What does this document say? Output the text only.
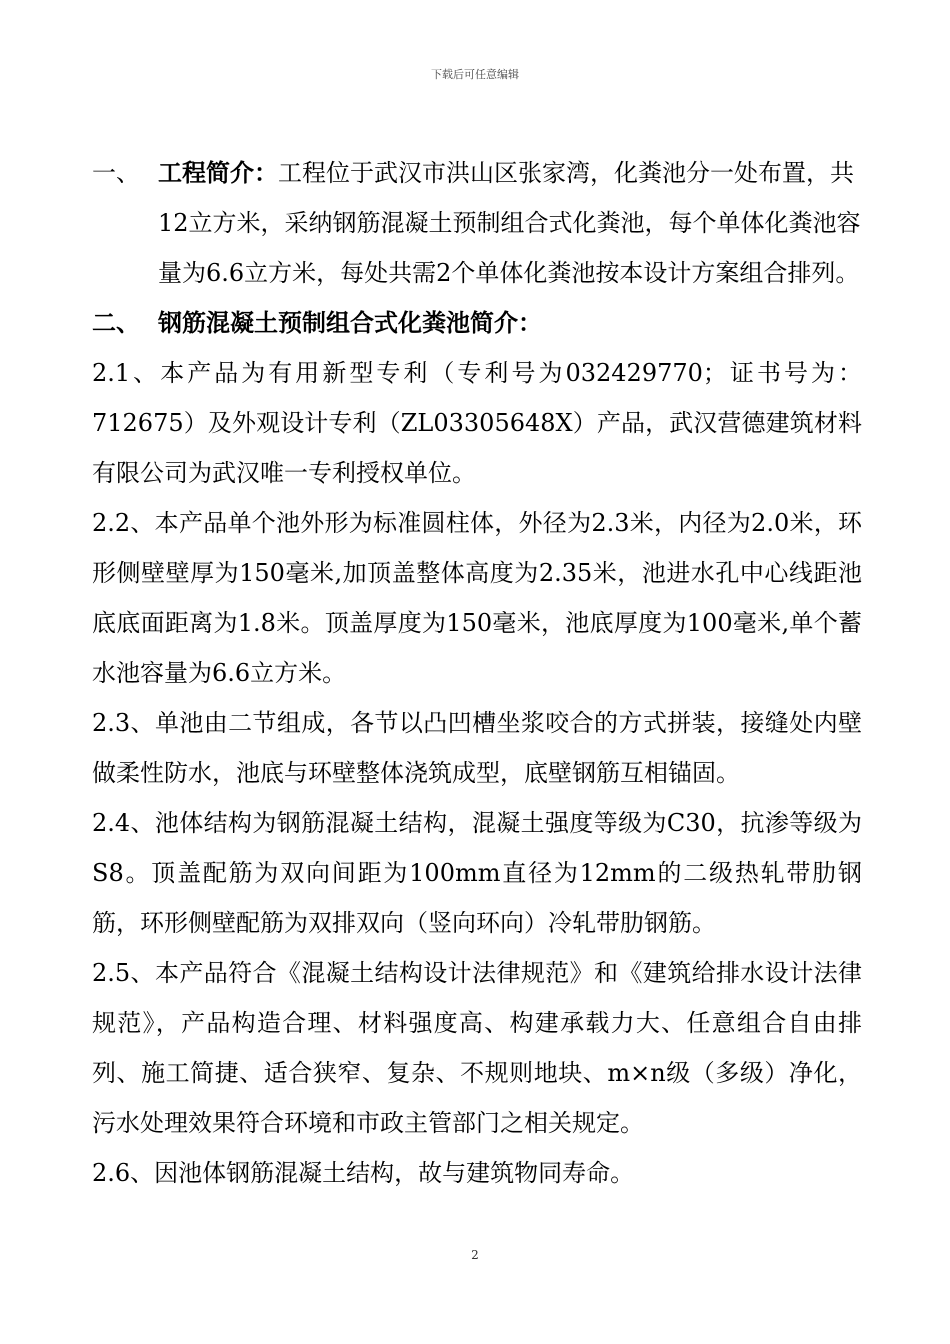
下载后可任意编辑
一、 工程简介：工程位于武汉市洪山区张家湾，化粪池分一处布置，共12立方米，采纳钢筋混凝土预制组合式化粪池，每个单体化粪池容量为6.6立方米，每处共需2个单体化粪池按本设计方案组合排列。
二、 钢筋混凝土预制组合式化粪池简介：

2.1、本产品为有用新型专利（专利号为032429770；证书号为：712675）及外观设计专利（ZL03305648X）产品，武汉营德建筑材料有限公司为武汉唯一专利授权单位。

2.2、本产品单个池外形为标准圆柱体，外径为2.3米，内径为2.0米，环形侧壁壁厚为150毫米,加顶盖整体高度为2.35米，池进水孔中心线距池底底面距离为1.8米。顶盖厚度为150毫米，池底厚度为100毫米,单个蓄水池容量为6.6立方米。

2.3、单池由二节组成，各节以凸凹槽坐浆咬合的方式拼装，接缝处内壁做柔性防水，池底与环壁整体浇筑成型，底壁钢筋互相锚固。

2.4、池体结构为钢筋混凝土结构，混凝土强度等级为C30，抗渗等级为S8。顶盖配筋为双向间距为100mm直径为12mm的二级热轧带肋钢筋，环形侧壁配筋为双排双向（竖向环向）冷轧带肋钢筋。

2.5、本产品符合《混凝土结构设计法律规范》和《建筑给排水设计法律规范》，产品构造合理、材料强度高、构建承载力大、任意组合自由排列、施工简捷、适合狭窄、复杂、不规则地块、m×n级（多级）净化，污水处理效果符合环境和市政主管部门之相关规定。

2.6、因池体钢筋混凝土结构，故与建筑物同寿命。

2
